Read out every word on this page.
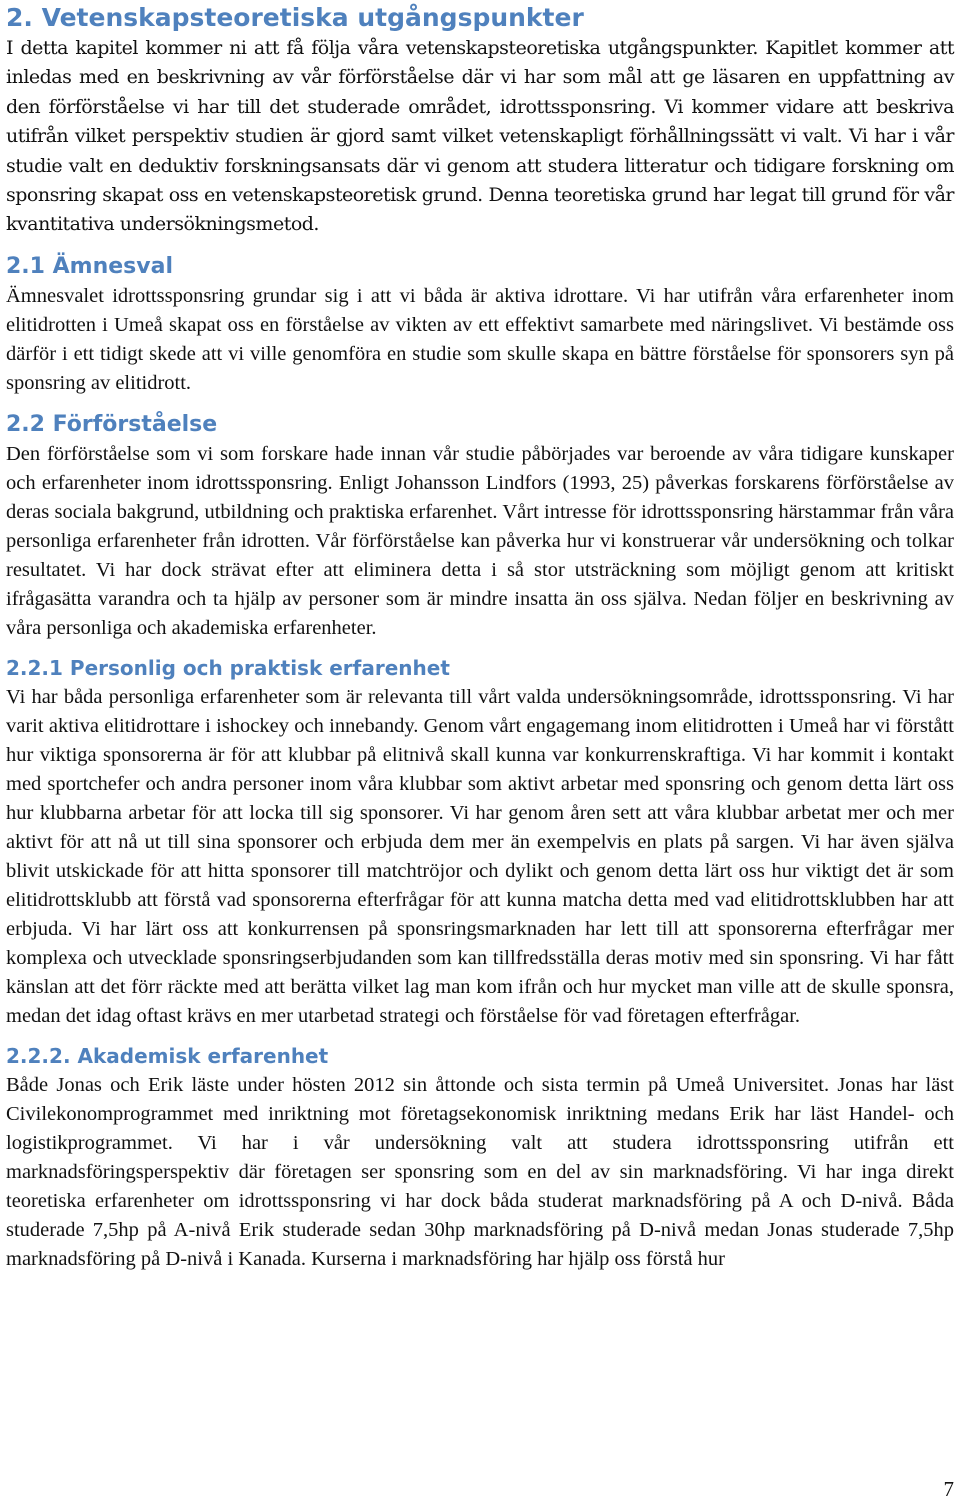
2. Vetenskapsteoretiska utgångspunkter

I detta kapitel kommer ni att få följa våra vetenskapsteoretiska utgångspunkter. Kapitlet kommer att inledas med en beskrivning av vår förförståelse där vi har som mål att ge läsaren en uppfattning av den förförståelse vi har till det studerade området, idrottssponsring. Vi kommer vidare att beskriva utifrån vilket perspektiv studien är gjord samt vilket vetenskapligt förhållningssätt vi valt. Vi har i vår studie valt en deduktiv forskningsansats där vi genom att studera litteratur och tidigare forskning om sponsring skapat oss en vetenskapsteoretisk grund. Denna teoretiska grund har legat till grund för vår kvantitativa undersökningsmetod.

2.1 Ämnesval

Ämnesvalet idrottssponsring grundar sig i att vi båda är aktiva idrottare. Vi har utifrån våra erfarenheter inom elitidrotten i Umeå skapat oss en förståelse av vikten av ett effektivt samarbete med näringslivet. Vi bestämde oss därför i ett tidigt skede att vi ville genomföra en studie som skulle skapa en bättre förståelse för sponsorers syn på sponsring av elitidrott.

2.2 Förförståelse

Den förförståelse som vi som forskare hade innan vår studie påbörjades var beroende av våra tidigare kunskaper och erfarenheter inom idrottssponsring. Enligt Johansson Lindfors (1993, 25) påverkas forskarens förförståelse av deras sociala bakgrund, utbildning och praktiska erfarenhet. Vårt intresse för idrottssponsring härstammar från våra personliga erfarenheter från idrotten. Vår förförståelse kan påverka hur vi konstruerar vår undersökning och tolkar resultatet. Vi har dock strävat efter att eliminera detta i så stor utsträckning som möjligt genom att kritiskt ifrågasätta varandra och ta hjälp av personer som är mindre insatta än oss själva. Nedan följer en beskrivning av våra personliga och akademiska erfarenheter.

2.2.1 Personlig och praktisk erfarenhet

Vi har båda personliga erfarenheter som är relevanta till vårt valda undersökningsområde, idrottssponsring. Vi har varit aktiva elitidrottare i ishockey och innebandy. Genom vårt engagemang inom elitidrotten i Umeå har vi förstått hur viktiga sponsorerna är för att klubbar på elitnivå skall kunna var konkurrenskraftiga. Vi har kommit i kontakt med sportchefer och andra personer inom våra klubbar som aktivt arbetar med sponsring och genom detta lärt oss hur klubbarna arbetar för att locka till sig sponsorer. Vi har genom åren sett att våra klubbar arbetat mer och mer aktivt för att nå ut till sina sponsorer och erbjuda dem mer än exempelvis en plats på sargen. Vi har även själva blivit utskickade för att hitta sponsorer till matchtröjor och dylikt och genom detta lärt oss hur viktigt det är som elitidrottsklubb att förstå vad sponsorerna efterfrågar för att kunna matcha detta med vad elitidrottsklubben har att erbjuda. Vi har lärt oss att konkurrensen på sponsringsmarknaden har lett till att sponsorerna efterfrågar mer komplexa och utvecklade sponsringserbjudanden som kan tillfredsställa deras motiv med sin sponsring. Vi har fått känslan att det förr räckte med att berätta vilket lag man kom ifrån och hur mycket man ville att de skulle sponsra, medan det idag oftast krävs en mer utarbetad strategi och förståelse för vad företagen efterfrågar.

2.2.2. Akademisk erfarenhet

Både Jonas och Erik läste under hösten 2012 sin åttonde och sista termin på Umeå Universitet. Jonas har läst Civilekonomprogrammet med inriktning mot företagsekonomisk inriktning medans Erik har läst Handel- och logistikprogrammet. Vi har i vår undersökning valt att studera idrottssponsring utifrån ett marknadsföringsperspektiv där företagen ser sponsring som en del av sin marknadsföring. Vi har inga direkt teoretiska erfarenheter om idrottssponsring vi har dock båda studerat marknadsföring på A och D-nivå. Båda studerade 7,5hp på A-nivå Erik studerade sedan 30hp marknadsföring på D-nivå medan Jonas studerade 7,5hp marknadsföring på D-nivå i Kanada. Kurserna i marknadsföring har hjälp oss förstå hur

7
